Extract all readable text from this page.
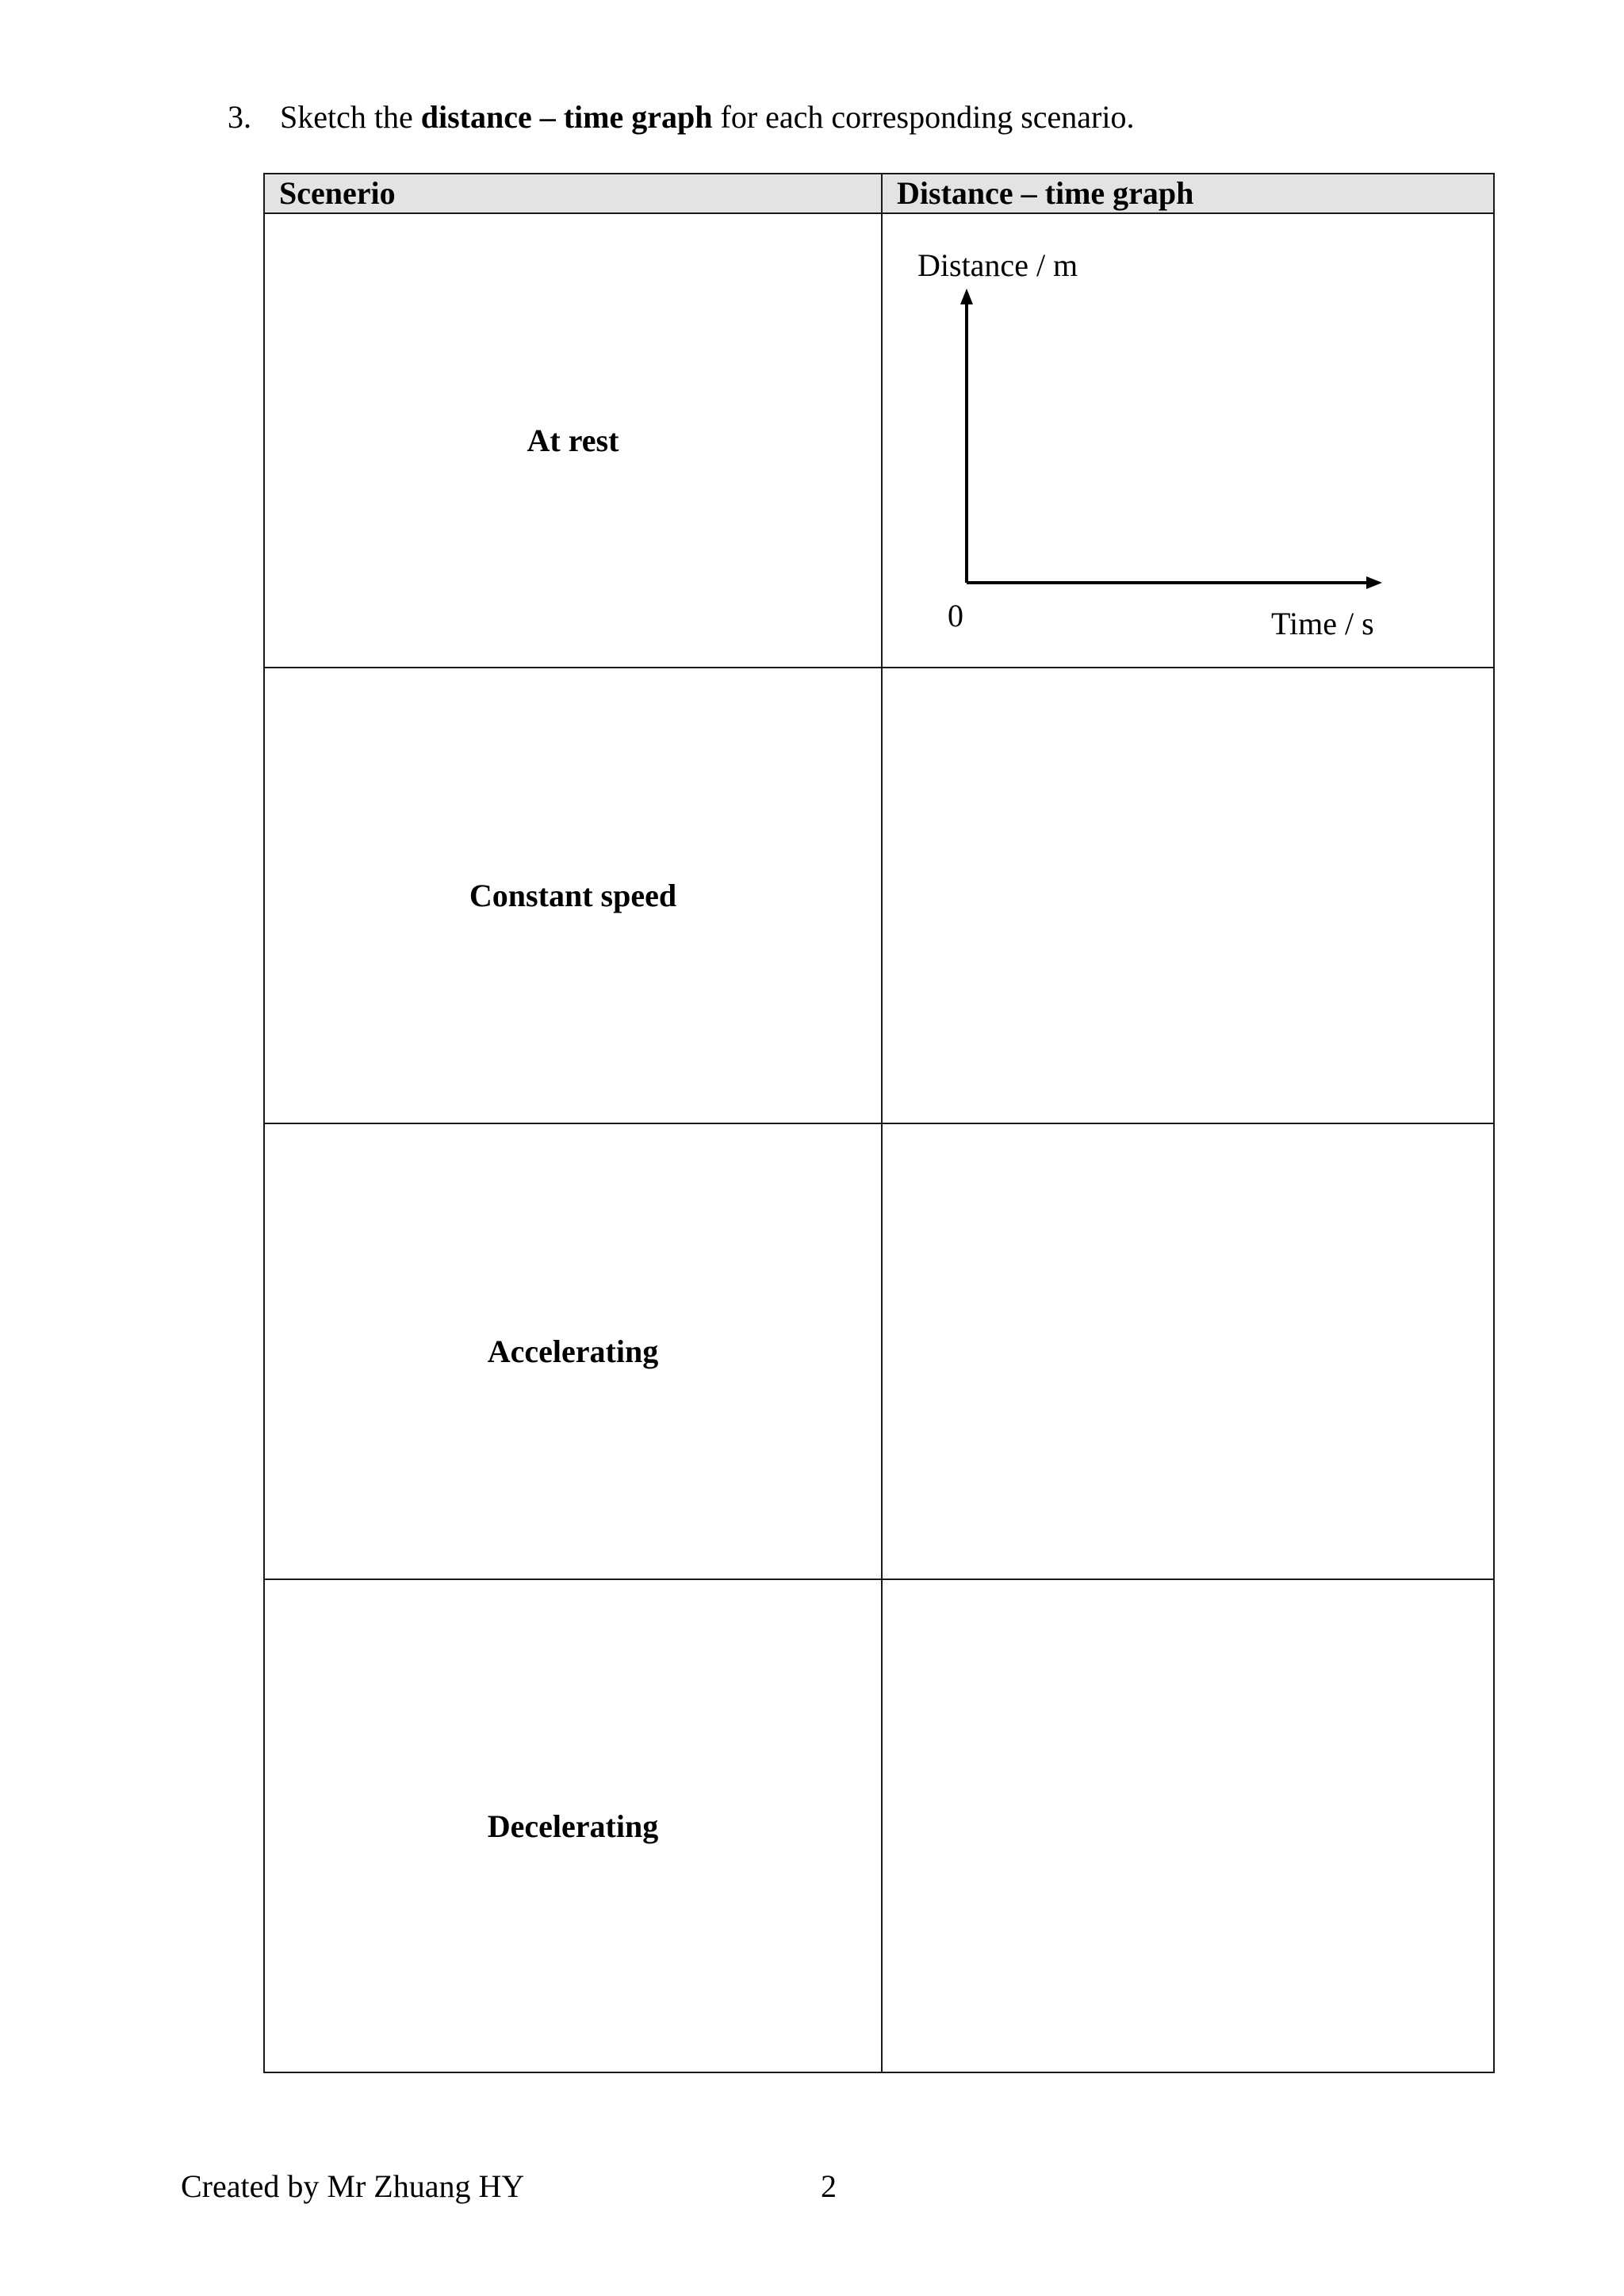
3. Sketch the distance – time graph for each corresponding scenario.
Scenerio	Distance – time graph
At rest	Distance / m
0 Time / s

Constant speed	
Accelerating	
Decelerating	
Created by Mr Zhuang HY	2
